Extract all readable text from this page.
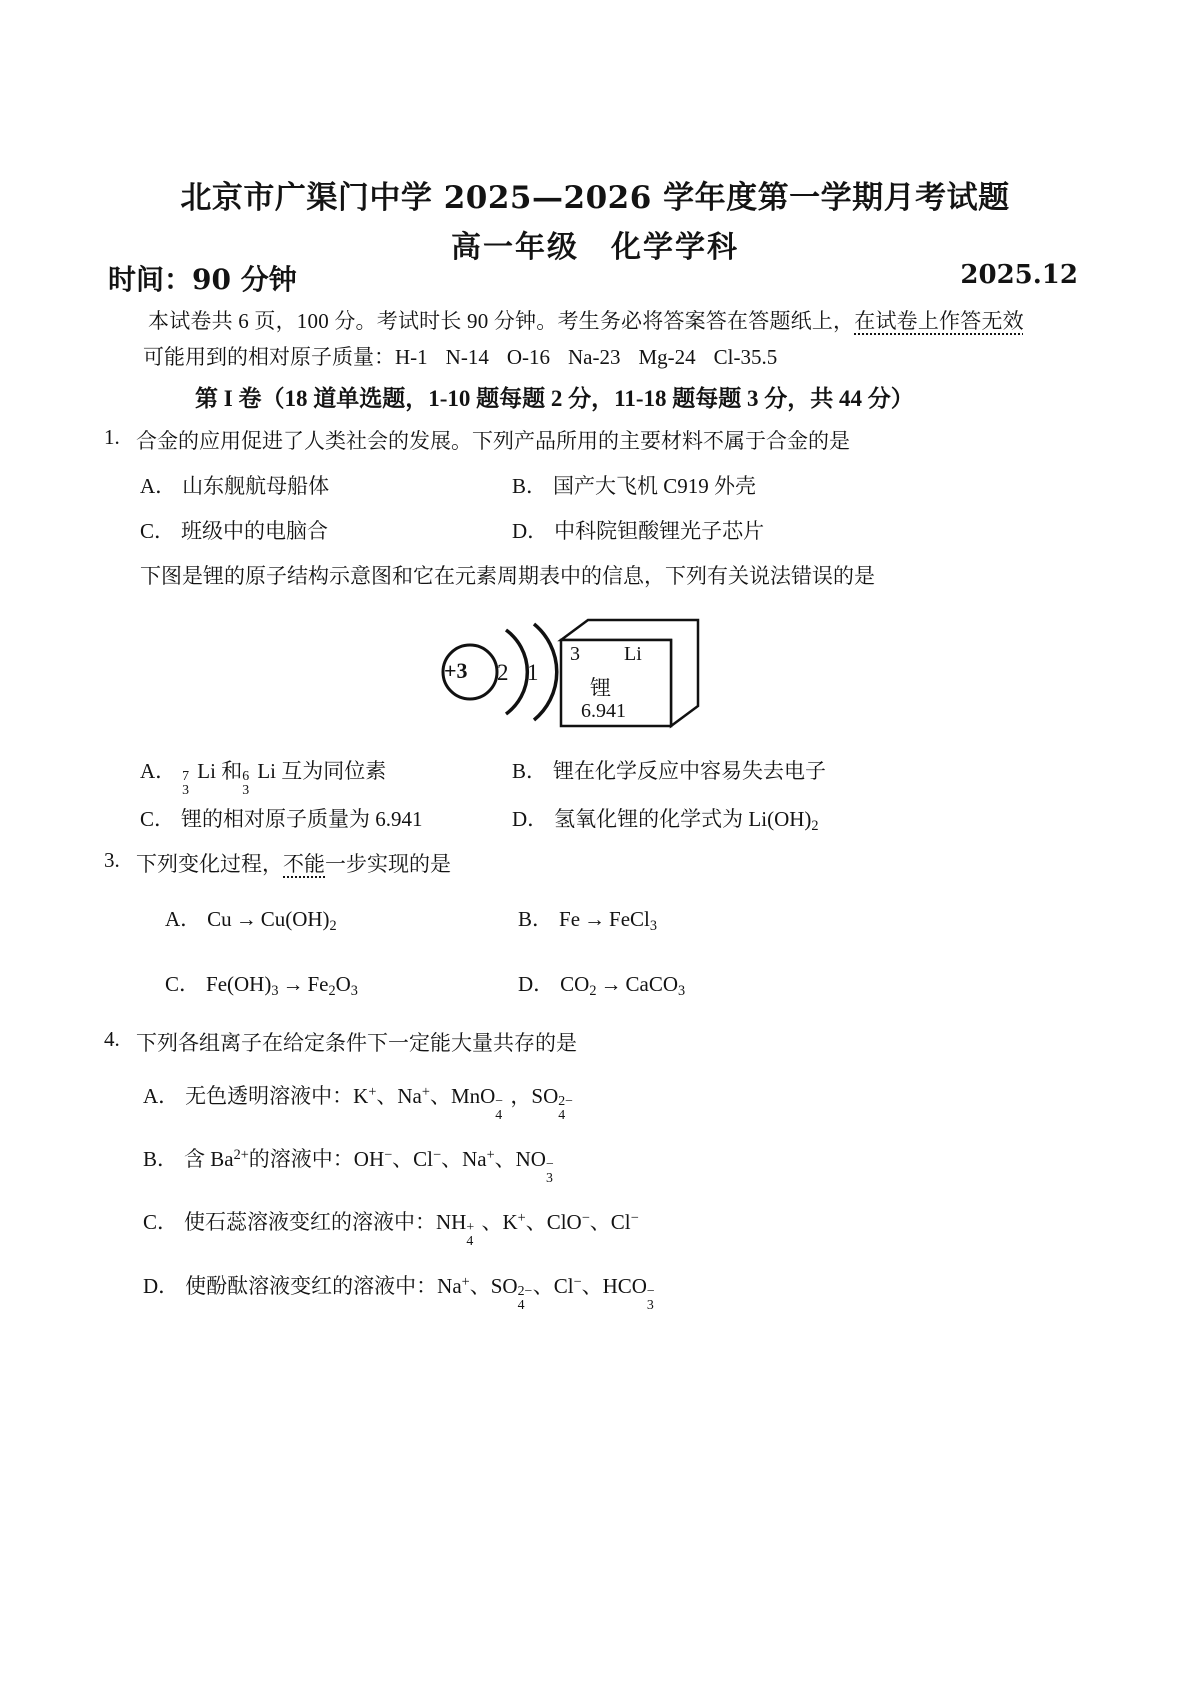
北京市广渠门中学 2025—2026 学年度第一学期月考试题
高一年级　化学学科
时间：90 分钟	2025.12
本试卷共 6 页，100 分。考试时长 90 分钟。考生务必将答案答在答题纸上，在试卷上作答无效
可能用到的相对原子质量：H-1 N-14 O-16 Na-23 Mg-24 Cl-35.5
第 I 卷（18 道单选题，1-10 题每题 2 分，11-18 题每题 3 分，共 44 分）
1. 合金的应用促进了人类社会的发展。下列产品所用的主要材料不属于合金的是
A． 山东舰航母船体	B． 国产大飞机 C919 外壳
C． 班级中的电脑合	D． 中科院钽酸锂光子芯片
下图是锂的原子结构示意图和它在元素周期表中的信息，下列有关说法错误的是
+3 2 1
3 Li
锂
6.941
A． 7
3
Li 和 6
3
Li 互为同位素	B． 锂在化学反应中容易失去电子
C． 锂的相对原子质量为 6.941	D． 氢氧化锂的化学式为 $Li(OH)_2$
3. 下列变化过程，不能一步实现的是
A． $Cu \to Cu(OH)_2$	B． Fe → FeCl$_3$
C． $Fe(OH)_3 \to Fe_2O_3$	D． $CO_2$ → CaCO$_3$
4. 下列各组离子在给定条件下一定能大量共存的是
A． 无色透明溶液中：K+、Na+、MnO −
4
，SO 2−
4
B． 含 $Ba^{2+}$的溶液中：OH−、Cl−、Na+、NO −
3
C． 使石蕊溶液变红的溶液中：NH +
4
、K+、ClO−、Cl−
D． 使酚酞溶液变红的溶液中：Na+、SO 2−
4
、Cl−、HCO −
3
